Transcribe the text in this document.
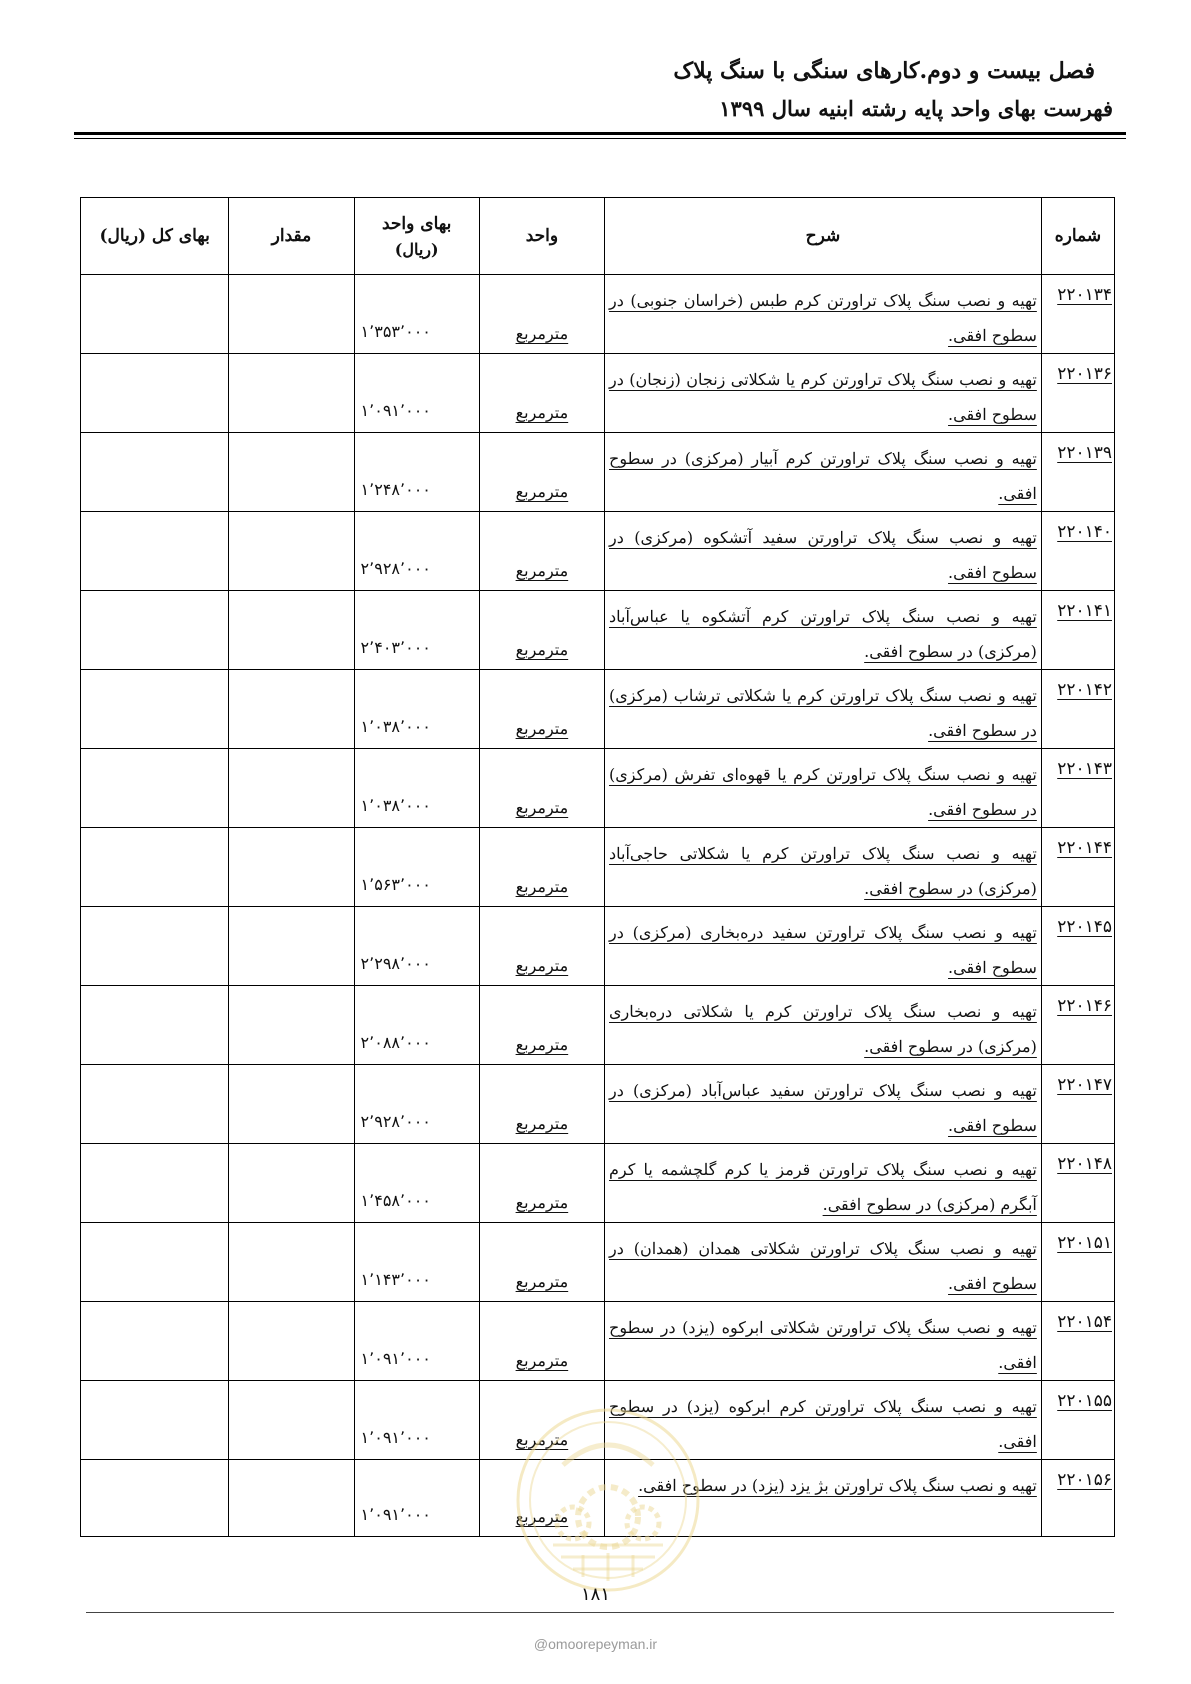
فصل بیست و دوم.کارهای سنگی با سنگ پلاک
فهرست بهای واحد پایه رشته ابنیه سال ۱۳۹۹
شماره	شرح	واحد	بهای واحد
(ریال)	مقدار	بهای کل (ریال)
۲۲۰۱۳۴	تهیه و نصب سنگ پلاک تراورتن کرم طبس (خراسان جنوبی) در سطوح افقی.	مترمربع	۱٬۳۵۳٬۰۰۰		

۲۲۰۱۳۶	تهیه و نصب سنگ پلاک تراورتن کرم یا شکلاتی زنجان (زنجان) در سطوح افقی.	مترمربع	۱٬۰۹۱٬۰۰۰		

۲۲۰۱۳۹	تهیه و نصب سنگ پلاک تراورتن کرم آبیار (مرکزی) در سطوح افقی.	مترمربع	۱٬۲۴۸٬۰۰۰		

۲۲۰۱۴۰	تهیه و نصب سنگ پلاک تراورتن سفید آتشکوه (مرکزی) در سطوح افقی.	مترمربع	۲٬۹۲۸٬۰۰۰		

۲۲۰۱۴۱	تهیه و نصب سنگ پلاک تراورتن کرم آتشکوه یا عباس‌آباد (مرکزی) در سطوح افقی.	مترمربع	۲٬۴۰۳٬۰۰۰		

۲۲۰۱۴۲	تهیه و نصب سنگ پلاک تراورتن کرم یا شکلاتی ترشاب (مرکزی) در سطوح افقی.	مترمربع	۱٬۰۳۸٬۰۰۰		

۲۲۰۱۴۳	تهیه و نصب سنگ پلاک تراورتن کرم یا قهوه‌ای تفرش (مرکزی) در سطوح افقی.	مترمربع	۱٬۰۳۸٬۰۰۰		

۲۲۰۱۴۴	تهیه و نصب سنگ پلاک تراورتن کرم یا شکلاتی حاجی‌آباد (مرکزی) در سطوح افقی.	مترمربع	۱٬۵۶۳٬۰۰۰		

۲۲۰۱۴۵	تهیه و نصب سنگ پلاک تراورتن سفید دره‌بخاری (مرکزی) در سطوح افقی.	مترمربع	۲٬۲۹۸٬۰۰۰		

۲۲۰۱۴۶	تهیه و نصب سنگ پلاک تراورتن کرم یا شکلاتی دره‌بخاری (مرکزی) در سطوح افقی.	مترمربع	۲٬۰۸۸٬۰۰۰		

۲۲۰۱۴۷	تهیه و نصب سنگ پلاک تراورتن سفید عباس‌آباد (مرکزی) در سطوح افقی.	مترمربع	۲٬۹۲۸٬۰۰۰		

۲۲۰۱۴۸	تهیه و نصب سنگ پلاک تراورتن قرمز یا کرم گلچشمه یا کرم آبگرم (مرکزی) در سطوح افقی.	مترمربع	۱٬۴۵۸٬۰۰۰		

۲۲۰۱۵۱	تهیه و نصب سنگ پلاک تراورتن شکلاتی همدان (همدان) در سطوح افقی.	مترمربع	۱٬۱۴۳٬۰۰۰		

۲۲۰۱۵۴	تهیه و نصب سنگ پلاک تراورتن شکلاتی ابرکوه (یزد) در سطوح افقی.	مترمربع	۱٬۰۹۱٬۰۰۰		

۲۲۰۱۵۵	تهیه و نصب سنگ پلاک تراورتن کرم ابرکوه (یزد) در سطوح افقی.	مترمربع	۱٬۰۹۱٬۰۰۰		

۲۲۰۱۵۶	تهیه و نصب سنگ پلاک تراورتن بژ یزد (یزد) در سطوح افقی.	مترمربع	۱٬۰۹۱٬۰۰۰		

۱۸۱
@omoorepeyman.ir
